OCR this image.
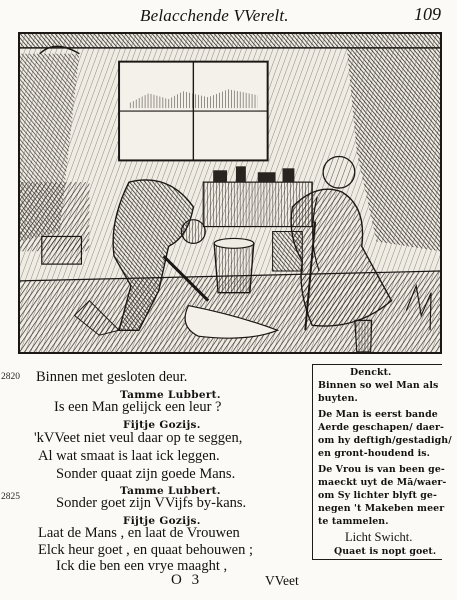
Belacchende VVerelt.	109
2820
2825
Binnen met gesloten deur.
Tamme Lubbert.
Is een Man gelijck een leur ?
Fijtje Gozijs.
'kVVeet niet veul daar op te seggen,
Al wat smaat is laat ick leggen.
Sonder quaat zijn goede Mans.
Tamme Lubbert.
Sonder goet zijn VVijfs by-kans.
Fijtje Gozijs.
Laat de Mans , en laat de Vrouwen
Elck heur goet , en quaat behouwen ;
Ick die ben een vrye maaght ,
Denckt.
Binnen so wel Man als
buyten.
De Man is eerst bande
Aerde geschapen/ daer-
om hy deftigh/gestadigh/
en gront-houdend is.
De Vrou is van been ge-
maeckt uyt de Mā/waer-
om Sy lichter blyft ge-
negen 't Makeben meer
te tammelen.
Licht Swicht.
Quaet is nopt goet.
O 3	VVeet
